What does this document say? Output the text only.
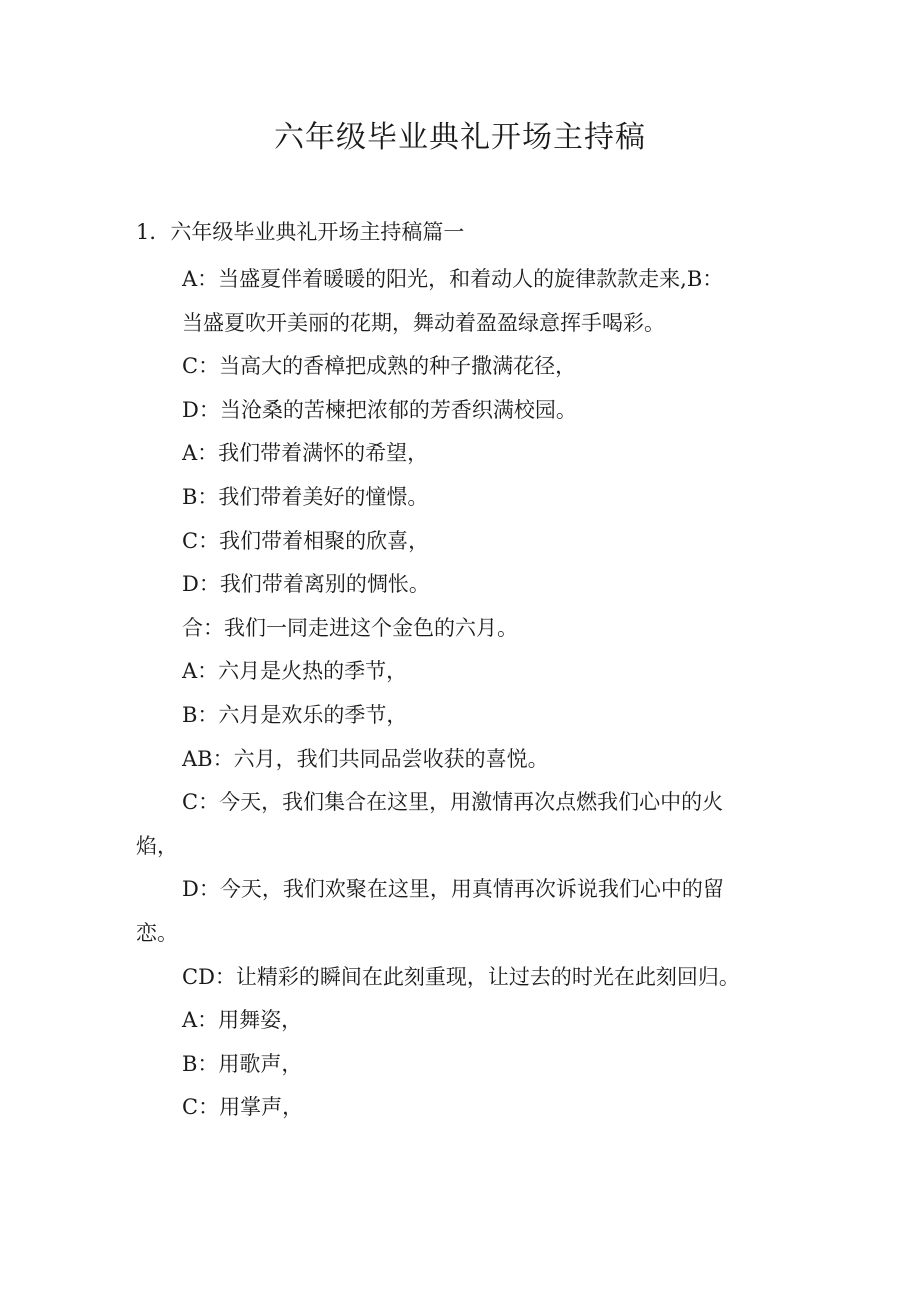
六年级毕业典礼开场主持稿
1．六年级毕业典礼开场主持稿篇一

A：当盛夏伴着暖暖的阳光，和着动人的旋律款款走来,B：

当盛夏吹开美丽的花期，舞动着盈盈绿意挥手喝彩。

C：当高大的香樟把成熟的种子撒满花径，

D：当沧桑的苦楝把浓郁的芳香织满校园。

A：我们带着满怀的希望，

B：我们带着美好的憧憬。

C：我们带着相聚的欣喜，

D：我们带着离别的惆怅。

合：我们一同走进这个金色的六月。

A：六月是火热的季节，

B：六月是欢乐的季节，

AB：六月，我们共同品尝收获的喜悦。

C：今天，我们集合在这里，用激情再次点燃我们心中的火

焰，

D：今天，我们欢聚在这里，用真情再次诉说我们心中的留

恋。

CD：让精彩的瞬间在此刻重现，让过去的时光在此刻回归。

A：用舞姿，

B：用歌声，

C：用掌声，
